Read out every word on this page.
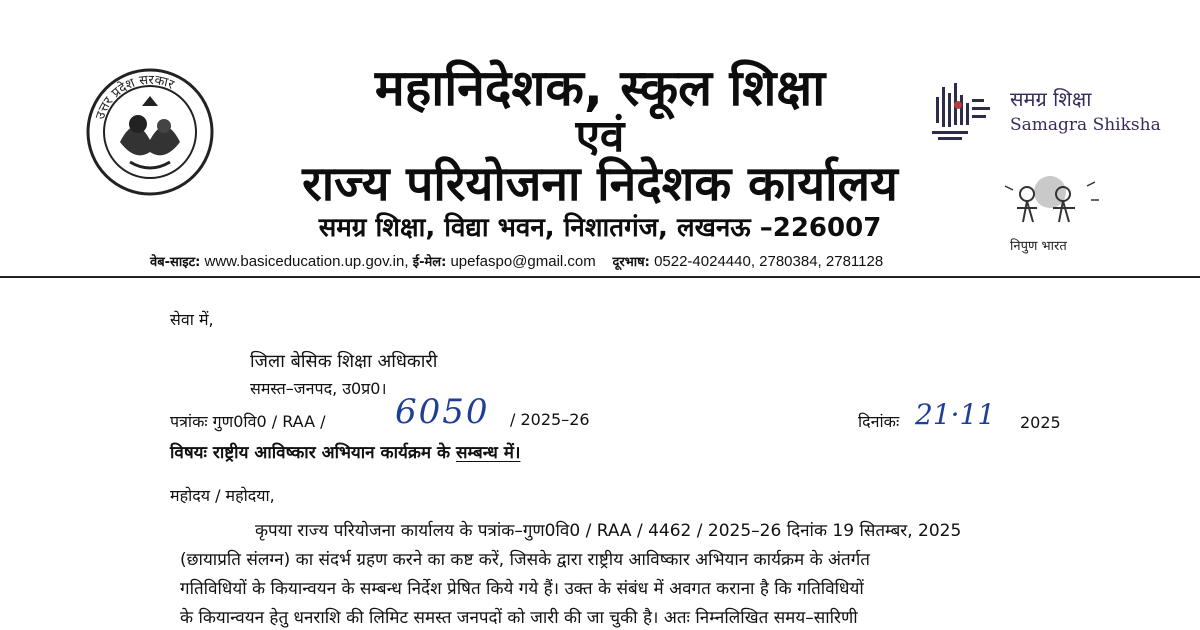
उत्तर प्रदेश सरकार	महानिदेशक, स्कूल शिक्षा
एवं
राज्य परियोजना निदेशक कार्यालय
समग्र शिक्षा, विद्या भवन, निशातगंज, लखनऊ –226007
समग्र शिक्षा
Samagra Shiksha
निपुण भारत
वेब-साइट: www.basiceducation.up.gov.in, ई-मेल: upefaspo@gmail.com दूरभाष: 0522-4024440, 2780384, 2781128
सेवा में,
जिला बेसिक शिक्षा अधिकारी
समस्त–जनपद, उ0प्र0।
पत्रांकः गुण0वि0 / RAA / 6050 / 2025–26	दिनांकः 21·11 2025
विषयः राष्ट्रीय आविष्कार अभियान कार्यक्रम के सम्बन्ध में।
महोदय / महोदया,
कृपया राज्य परियोजना कार्यालय के पत्रांक–गुण0वि0 / RAA / 4462 / 2025–26 दिनांक 19 सितम्बर, 2025
(छायाप्रति संलग्न) का संदर्भ ग्रहण करने का कष्ट करें, जिसके द्वारा राष्ट्रीय आविष्कार अभियान कार्यक्रम के अंतर्गत
गतिविधियों के कियान्वयन के सम्बन्ध निर्देश प्रेषित किये गये हैं। उक्त के संबंध में अवगत कराना है कि गतिविधियों
के कियान्वयन हेतु धनराशि की लिमिट समस्त जनपदों को जारी की जा चुकी है। अतः निम्नलिखित समय–सारिणी
